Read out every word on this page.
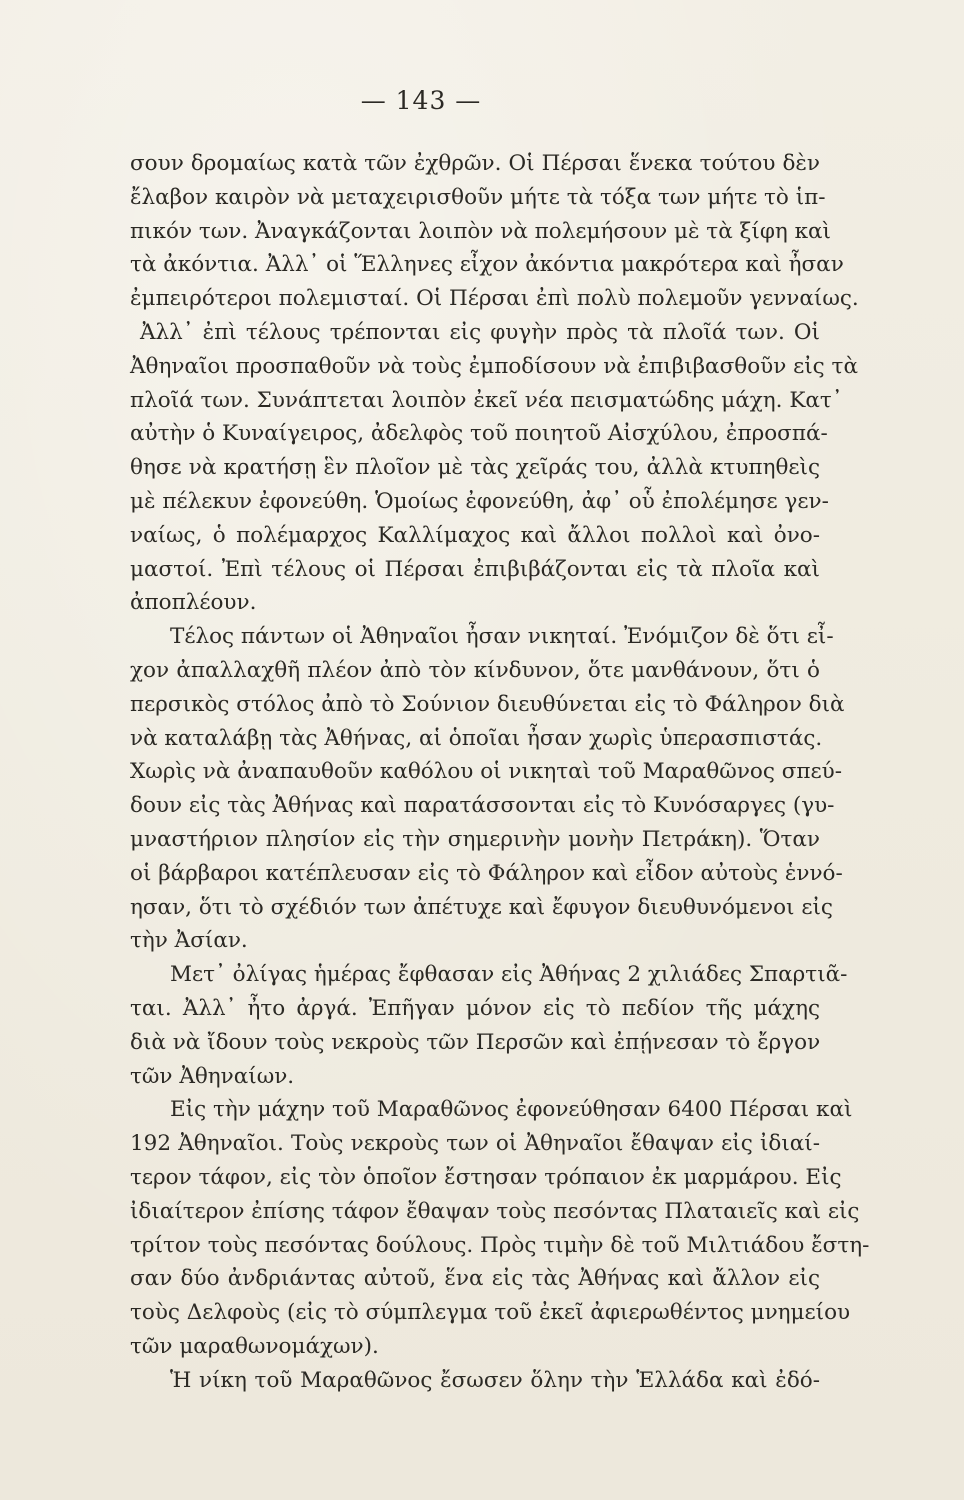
— 143 —
σουν δρομαίως κατὰ τῶν ἐχθρῶν. Οἱ Πέρσαι ἕνεκα τούτου δὲν
ἔλαβον καιρὸν νὰ μεταχειρισθοῦν μήτε τὰ τόξα των μήτε τὸ ἱπ-
πικόν των. Ἀναγκάζονται λοιπὸν νὰ πολεμήσουν μὲ τὰ ξίφη καὶ
τὰ ἀκόντια. Ἀλλ᾽ οἱ Ἕλληνες εἶχον ἀκόντια μακρότερα καὶ ἦσαν
ἐμπειρότεροι πολεμισταί. Οἱ Πέρσαι ἐπὶ πολὺ πολεμοῦν γενναίως.
Ἀλλ᾽ ἐπὶ τέλους τρέπονται εἰς φυγὴν πρὸς τὰ πλοῖά των. Οἱ
Ἀθηναῖοι προσπαθοῦν νὰ τοὺς ἐμποδίσουν νὰ ἐπιβιβασθοῦν εἰς τὰ
πλοῖά των. Συνάπτεται λοιπὸν ἐκεῖ νέα πεισματώδης μάχη. Κατ᾽
αὐτὴν ὁ Κυναίγειρος, ἀδελφὸς τοῦ ποιητοῦ Αἰσχύλου, ἐπροσπά-
θησε νὰ κρατήσῃ ἓν πλοῖον μὲ τὰς χεῖράς του, ἀλλὰ κτυπηθεὶς
μὲ πέλεκυν ἐφονεύθη. Ὁμοίως ἐφονεύθη, ἀφ᾽ οὗ ἐπολέμησε γεν-
ναίως, ὁ πολέμαρχος Καλλίμαχος καὶ ἄλλοι πολλοὶ καὶ ὀνο-
μαστοί. Ἐπὶ τέλους οἱ Πέρσαι ἐπιβιβάζονται εἰς τὰ πλοῖα καὶ
ἀποπλέουν.
Τέλος πάντων οἱ Ἀθηναῖοι ἦσαν νικηταί. Ἐνόμιζον δὲ ὅτι εἶ-
χον ἀπαλλαχθῆ πλέον ἀπὸ τὸν κίνδυνον, ὅτε μανθάνουν, ὅτι ὁ
περσικὸς στόλος ἀπὸ τὸ Σούνιον διευθύνεται εἰς τὸ Φάληρον διὰ
νὰ καταλάβῃ τὰς Ἀθήνας, αἱ ὁποῖαι ἦσαν χωρὶς ὑπερασπιστάς.
Χωρὶς νὰ ἀναπαυθοῦν καθόλου οἱ νικηταὶ τοῦ Μαραθῶνος σπεύ-
δουν εἰς τὰς Ἀθήνας καὶ παρατάσσονται εἰς τὸ Κυνόσαργες (γυ-
μναστήριον πλησίον εἰς τὴν σημερινὴν μονὴν Πετράκη). Ὅταν
οἱ βάρβαροι κατέπλευσαν εἰς τὸ Φάληρον καὶ εἶδον αὐτοὺς ἑννό-
ησαν, ὅτι τὸ σχέδιόν των ἀπέτυχε καὶ ἔφυγον διευθυνόμενοι εἰς
τὴν Ἀσίαν.
Μετ᾽ ὀλίγας ἡμέρας ἔφθασαν εἰς Ἀθήνας 2 χιλιάδες Σπαρτιᾶ-
ται. Ἀλλ᾽ ἦτο ἀργά. Ἐπῆγαν μόνον εἰς τὸ πεδίον τῆς μάχης
διὰ νὰ ἴδουν τοὺς νεκροὺς τῶν Περσῶν καὶ ἐπῄνεσαν τὸ ἔργον
τῶν Ἀθηναίων.
Εἰς τὴν μάχην τοῦ Μαραθῶνος ἐφονεύθησαν 6400 Πέρσαι καὶ
192 Ἀθηναῖοι. Τοὺς νεκροὺς των οἱ Ἀθηναῖοι ἔθαψαν εἰς ἰδιαί-
τερον τάφον, εἰς τὸν ὁποῖον ἔστησαν τρόπαιον ἐκ μαρμάρου. Εἰς
ἰδιαίτερον ἐπίσης τάφον ἔθαψαν τοὺς πεσόντας Πλαταιεῖς καὶ εἰς
τρίτον τοὺς πεσόντας δούλους. Πρὸς τιμὴν δὲ τοῦ Μιλτιάδου ἔστη-
σαν δύο ἀνδριάντας αὐτοῦ, ἕνα εἰς τὰς Ἀθήνας καὶ ἄλλον εἰς
τοὺς Δελφοὺς (εἰς τὸ σύμπλεγμα τοῦ ἐκεῖ ἀφιερωθέντος μνημείου
τῶν μαραθωνομάχων).
Ἡ νίκη τοῦ Μαραθῶνος ἔσωσεν ὅλην τὴν Ἑλλάδα καὶ ἐδό-
